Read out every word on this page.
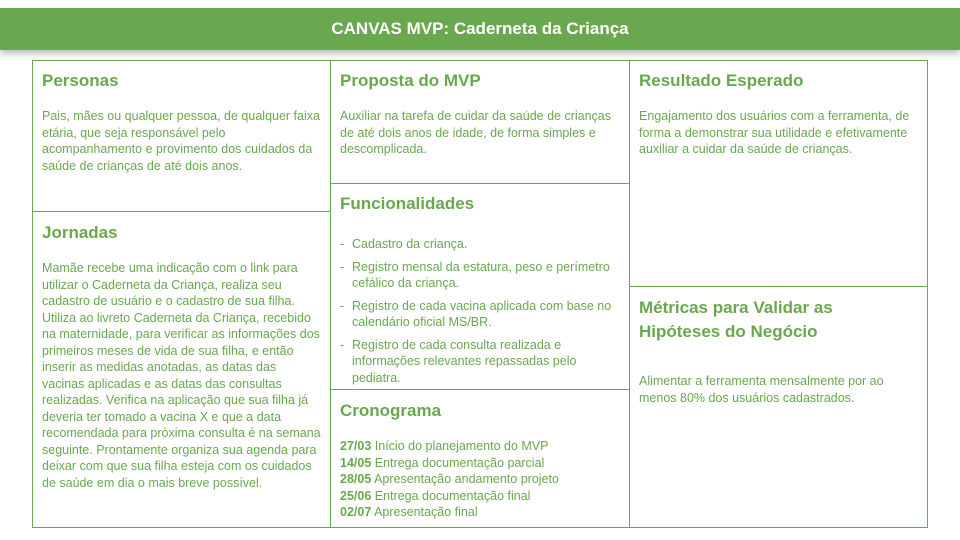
CANVAS MVP: Caderneta da Criança
Personas
Pais, mães ou qualquer pessoa, de qualquer faixa etária, que seja responsável pelo acompanhamento e provimento dos cuidados da saúde de crianças de até dois anos.
Jornadas
Mamãe recebe uma indicação com o link para utilizar o Caderneta da Criança, realiza seu cadastro de usuário e o cadastro de sua filha. Utiliza ao livreto Caderneta da Criança, recebido na maternidade, para verificar as informações dos primeiros meses de vida de sua filha, e então inserir as medidas anotadas, as datas das vacinas aplicadas e as datas das consultas realizadas. Verifica na aplicação que sua filha já deveria ter tomado a vacina X e que a data recomendada para próxima consulta é na semana seguinte. Prontamente organiza sua agenda para deixar com que sua filha esteja com os cuidados de saúde em dia o mais breve possível.
Proposta do MVP
Auxiliar na tarefa de cuidar da saúde de crianças de até dois anos de idade, de forma simples e descomplicada.
Funcionalidades
- Cadastro da criança.
- Registro mensal da estatura, peso e perímetro cefálico da criança.
- Registro de cada vacina aplicada com base no calendário oficial MS/BR.
- Registro de cada consulta realizada e informações relevantes repassadas pelo pediatra.
Cronograma
27/03 Início do planejamento do MVP
14/05 Entrega documentação parcial
28/05 Apresentação andamento projeto
25/06 Entrega documentação final
02/07 Apresentação final
Resultado Esperado
Engajamento dos usuários com a ferramenta, de forma a demonstrar sua utilidade e efetivamente auxiliar a cuidar da saúde de crianças.
Métricas para Validar as Hipóteses do Negócio
Alimentar a ferramenta mensalmente por ao menos 80% dos usuários cadastrados.
